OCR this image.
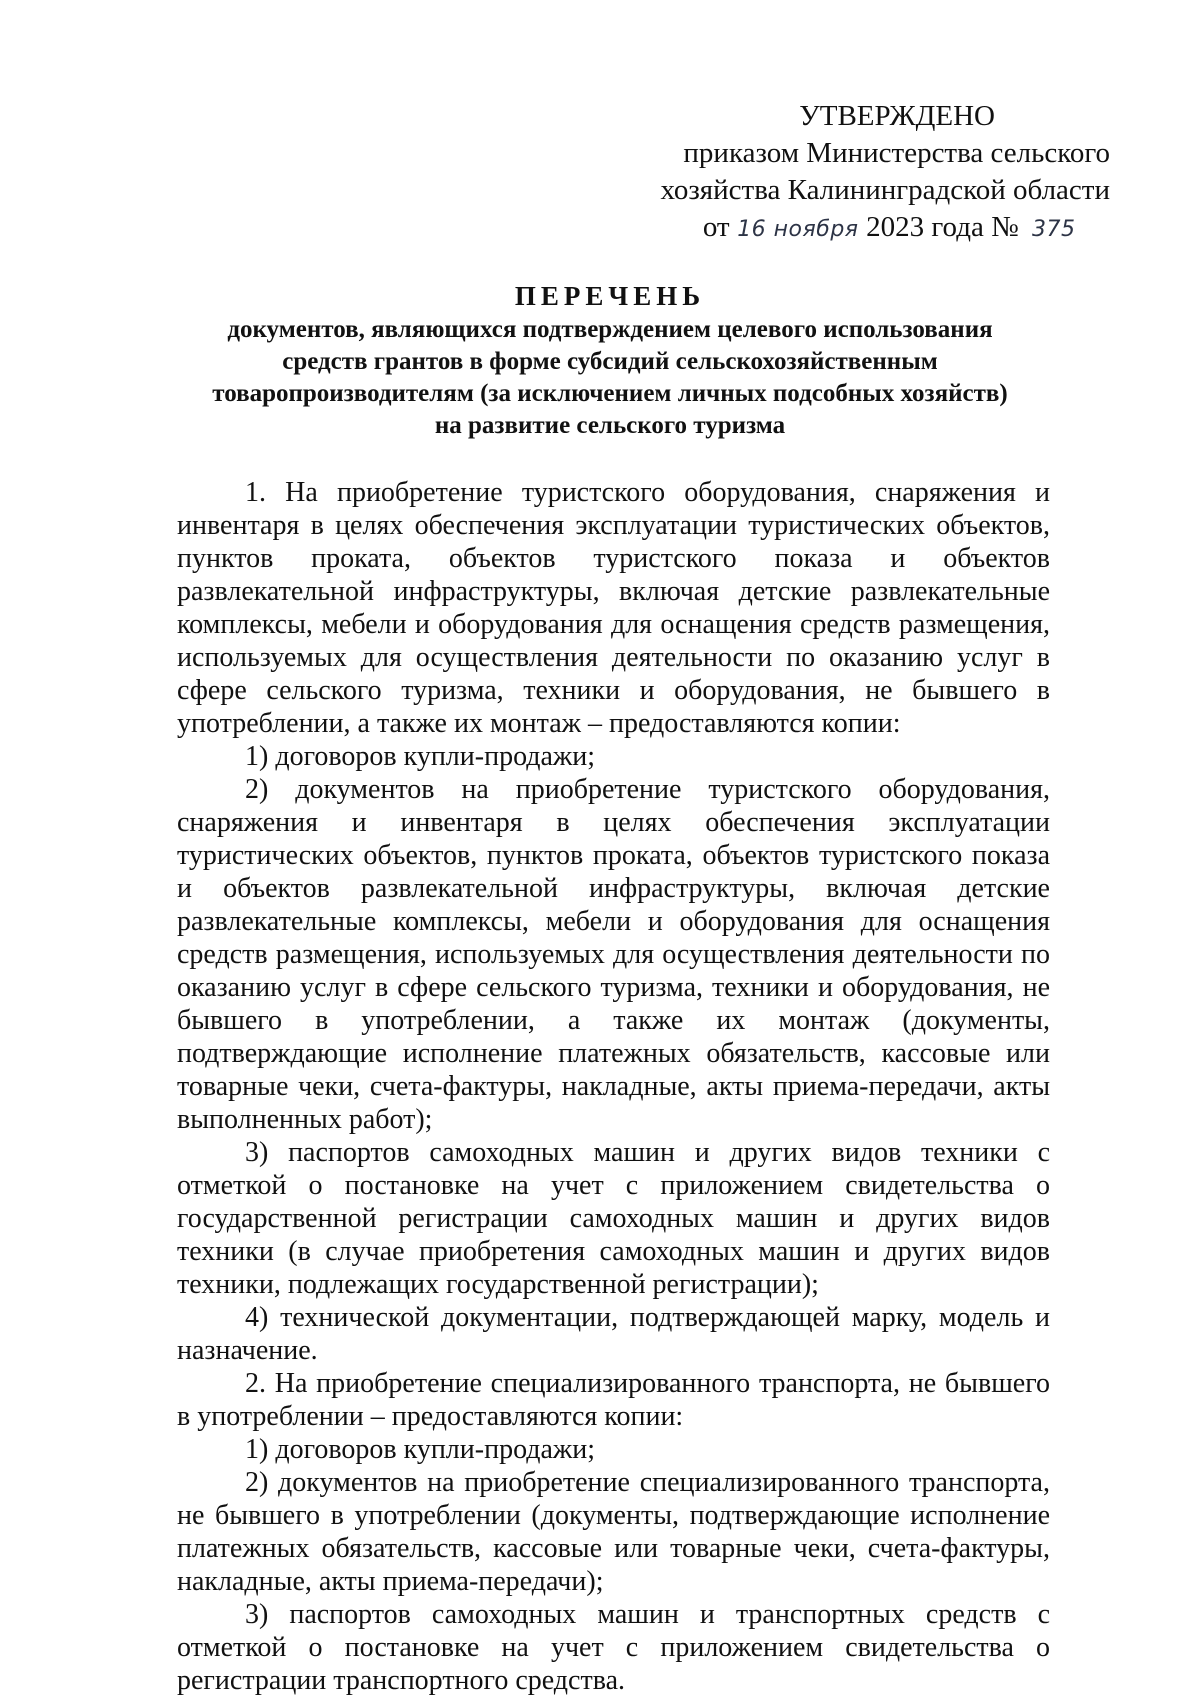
УТВЕРЖДЕНО
приказом Министерства сельского
хозяйства Калининградской области
от 16 ноября 2023 года № 375
ПЕРЕЧЕНЬ
документов, являющихся подтверждением целевого использования
средств грантов в форме субсидий сельскохозяйственным
товаропроизводителям (за исключением личных подсобных хозяйств)
на развитие сельского туризма

1. На приобретение туристского оборудования, снаряжения и инвентаря в целях обеспечения эксплуатации туристических объектов, пунктов проката, объектов туристского показа и объектов развлекательной инфраструктуры, включая детские развлекательные комплексы, мебели и оборудования для оснащения средств размещения, используемых для осуществления деятельности по оказанию услуг в сфере сельского туризма, техники и оборудования, не бывшего в употреблении, а также их монтаж – предоставляются копии:

1) договоров купли-продажи;

2) документов на приобретение туристского оборудования, снаряжения и инвентаря в целях обеспечения эксплуатации туристических объектов, пунктов проката, объектов туристского показа и объектов развлекательной инфраструктуры, включая детские развлекательные комплексы, мебели и оборудования для оснащения средств размещения, используемых для осуществления деятельности по оказанию услуг в сфере сельского туризма, техники и оборудования, не бывшего в употреблении, а также их монтаж (документы, подтверждающие исполнение платежных обязательств, кассовые или товарные чеки, счета-фактуры, накладные, акты приема-передачи, акты выполненных работ);

3) паспортов самоходных машин и других видов техники с отметкой о постановке на учет с приложением свидетельства о государственной регистрации самоходных машин и других видов техники (в случае приобретения самоходных машин и других видов техники, подлежащих государственной регистрации);

4) технической документации, подтверждающей марку, модель и назначение.

2. На приобретение специализированного транспорта, не бывшего в употреблении – предоставляются копии:

1) договоров купли-продажи;

2) документов на приобретение специализированного транспорта, не бывшего в употреблении (документы, подтверждающие исполнение платежных обязательств, кассовые или товарные чеки, счета-фактуры, накладные, акты приема-передачи);

3) паспортов самоходных машин и транспортных средств с отметкой о постановке на учет с приложением свидетельства о регистрации транспортного средства.
